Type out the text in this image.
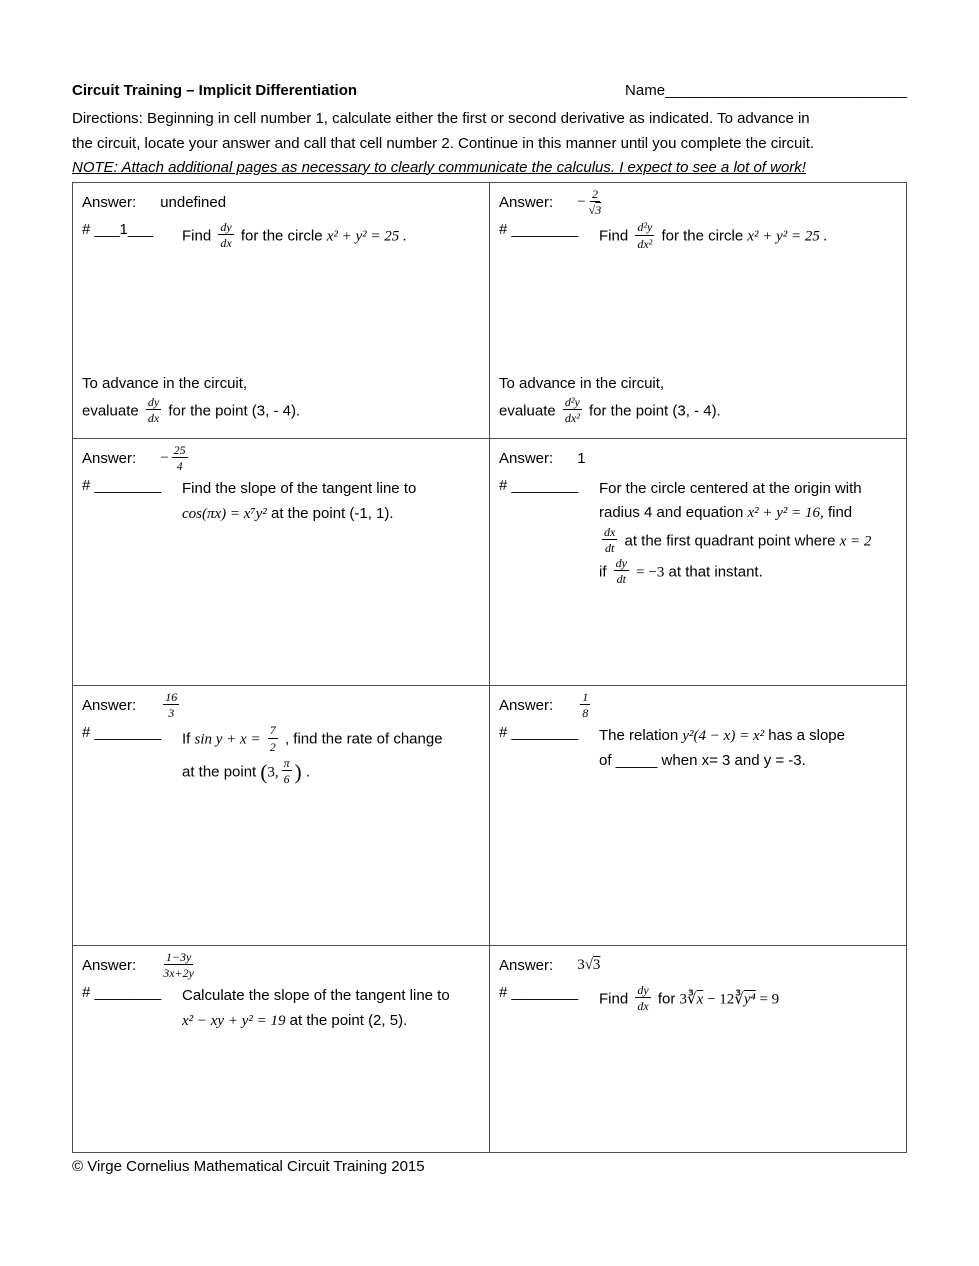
Circuit Training – Implicit Differentiation	Name_____________________________

Directions: Beginning in cell number 1, calculate either the first or second derivative as indicated. To advance in
the circuit, locate your answer and call that cell number 2. Continue in this manner until you complete the circuit.

NOTE: Attach additional pages as necessary to clearly communicate the calculus. I expect to see a lot of work!

Answer: undefined
# ___1___	Find $\frac{dy}{dx}$ for the circle x² + y² = 25 .
To advance in the circuit,
evaluate $\frac{dy}{dx}$ for the point (3, - 4).

Answer: − $\frac{2}{√3}$
# ________	Find $\frac{\text{d²y}}{\text{dx²}}$ for the circle x² + y² = 25 .
To advance in the circuit,
evaluate $\frac{\text{d²y}}{\text{dx²}}$ for the point (3, - 4).

Answer: − $\frac{25}{4}$
# ________	Find the slope of the tangent line to
cos(πx) = x⁷y² at the point (-1, 1).

Answer: 1
# ________	For the circle centered at the origin with
radius 4 and equation x² + y² = 16, find
$\frac{dx}{dt}$ at the first quadrant point where x = 2
if $\frac{dy}{dt} = -3$ at that instant.

Answer: $\frac{16}{3}$
# ________	If $\sin y + x = \frac{7}{2}$ , find the rate of change
at the point (3, $\frac{\pi}{6}$ ) .

Answer: $\frac{1}{8}$
# ________	The relation y²(4 − x) = x² has a slope
of _____ when x= 3 and y = -3.

Answer: $\frac{1-3y}{3x+2y}$
# ________	Calculate the slope of the tangent line to
x² − xy + y² = 19 at the point (2, 5).

Answer: 3√3
# ________	Find $\frac{dy}{dx}$ for $3∛\overline{x}$ − 12∛y⁴ = 9
© Virge Cornelius Mathematical Circuit Training 2015
